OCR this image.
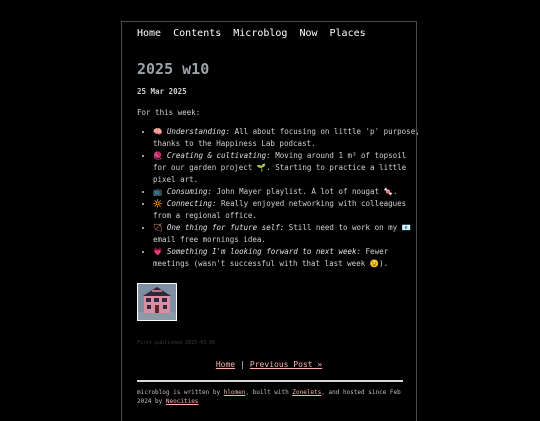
Home Contents Microblog Now Places
2025 w10
25 Mar 2025
For this week:
• 🧠 Understanding: All about focusing on little 'p' purpose, thanks to the Happiness Lab podcast.
• 🧶 Creating & cultivating: Moving around 1 m³ of topsoil for our garden project 🌱. Starting to practice a little pixel art.
• 📺 Consuming: John Mayer playlist. A lot of nougat 🍬.
• 🔆 Connecting: Really enjoyed networking with colleagues from a regional office.
• 🏹 One thing for future self: Still need to work on my 📧 email free mornings idea.
• 💗 Something I'm looking forward to next week: Fewer meetings (wasn't successful with that last week 😉).
First published 2025-03-06
Home | Previous Post »
microblog is written by hlomen, built with Zonelets, and hosted since Feb 2024 by Neocities
